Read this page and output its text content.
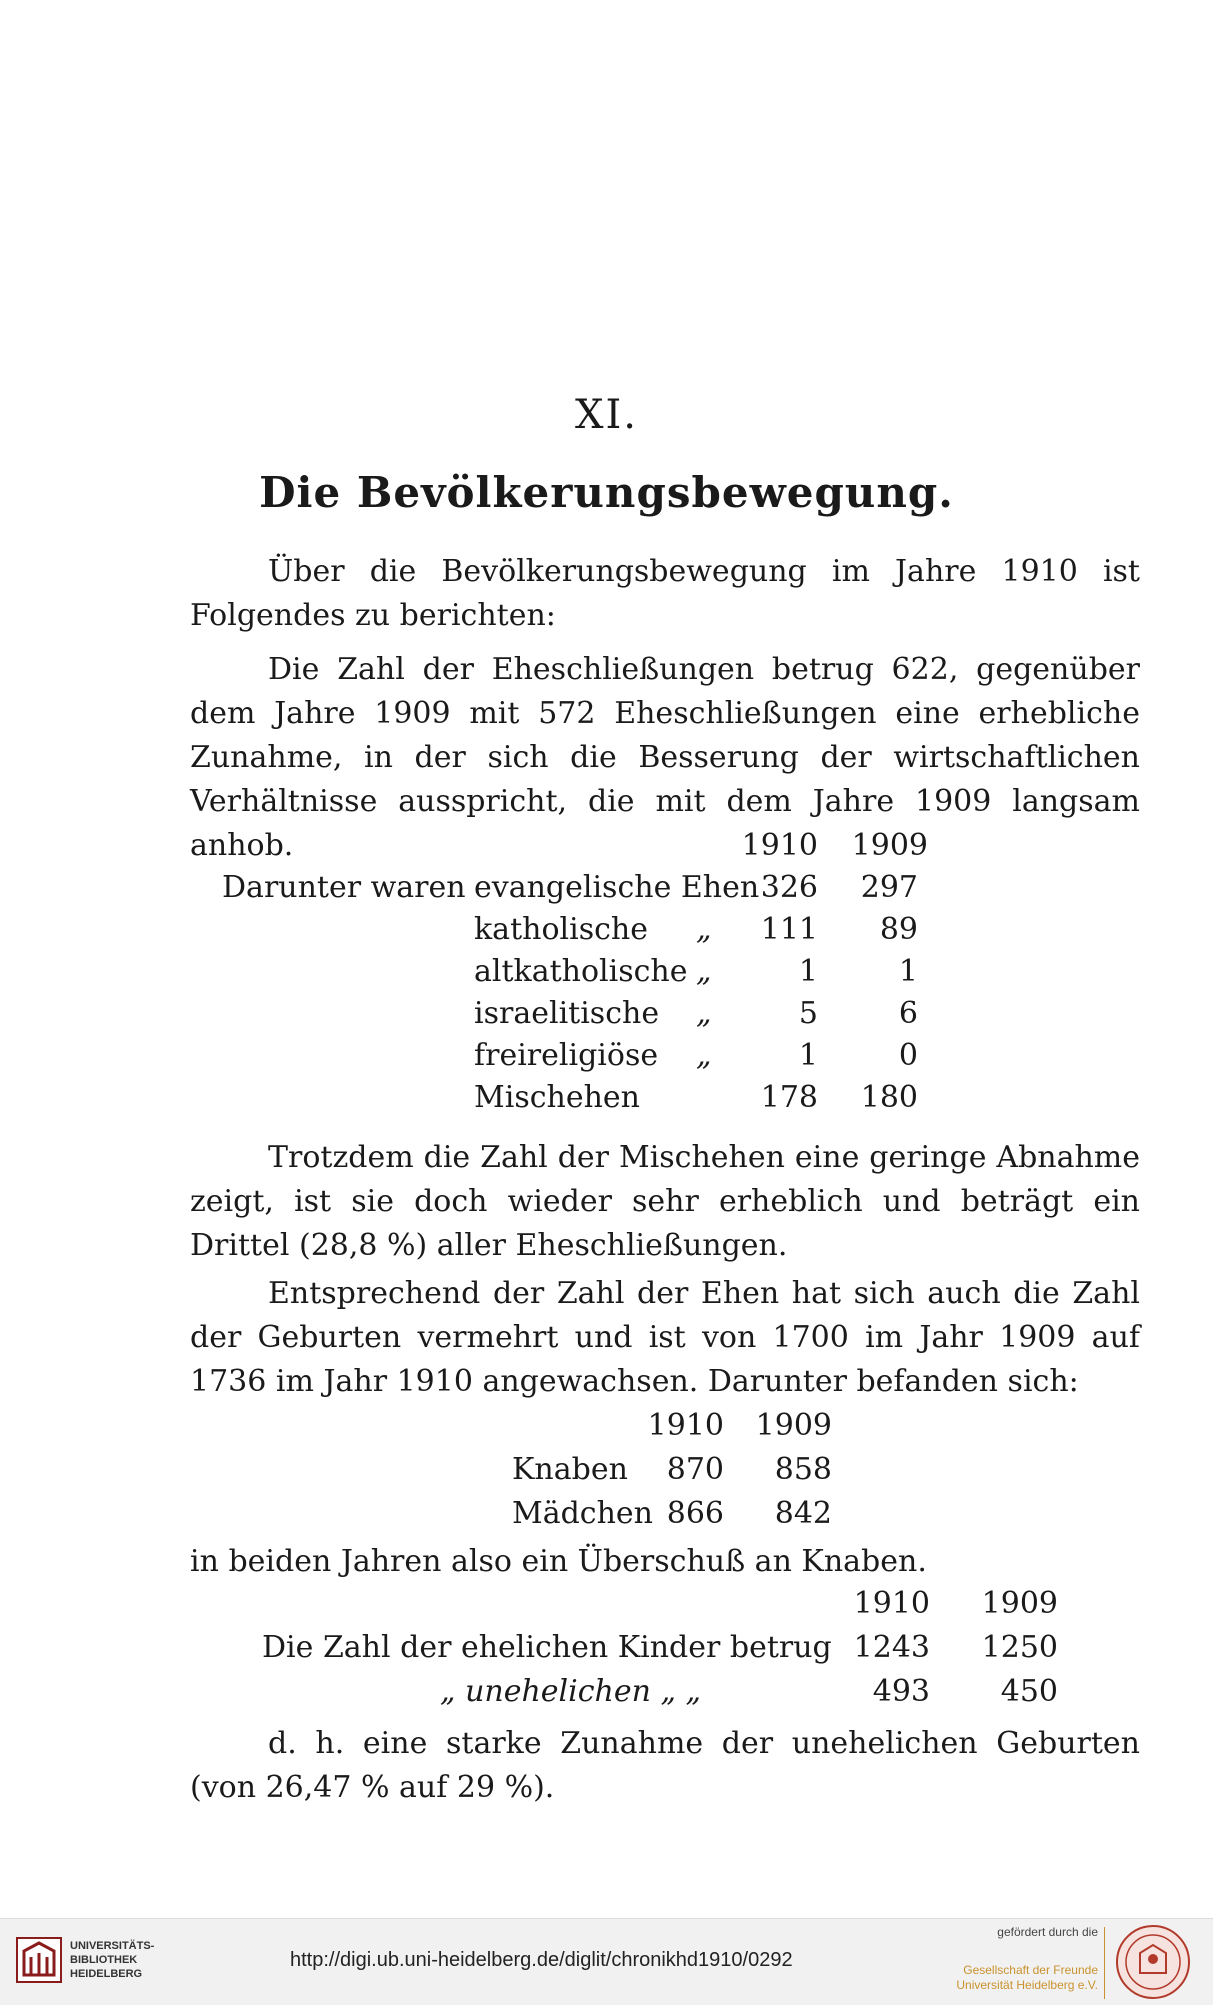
XI.
Die Bevölkerungsbewegung.
Über die Bevölkerungsbewegung im Jahre 1910 ist Folgendes zu berichten:
Die Zahl der Eheschließungen betrug 622, gegenüber dem Jahre 1909 mit 572 Eheschließungen eine erhebliche Zunahme, in der sich die Besserung der wirtschaftlichen Verhältnisse ausspricht, die mit dem Jahre 1909 langsam anhob.	1910	1909
Darunter waren evangelische Ehen 326	297
katholische „	111	89
altkatholische „	1	1
israelitische „	5	6
freireligiöse „	1	0
Mischehen	178	180
Trotzdem die Zahl der Mischehen eine geringe Abnahme zeigt, ist sie doch wieder sehr erheblich und beträgt ein Drittel (28,8 %) aller Eheschließungen.
Entsprechend der Zahl der Ehen hat sich auch die Zahl der Geburten vermehrt und ist von 1700 im Jahr 1909 auf 1736 im Jahr 1910 angewachsen. Darunter befanden sich:
1910	1909
Knaben	870	858
Mädchen 866	842
in beiden Jahren also ein Überschuß an Knaben.
1910	1909
Die Zahl der ehelichen Kinder betrug 1243	1250
„ unehelichen „ „	493	450
d. h. eine starke Zunahme der unehelichen Geburten (von 26,47 % auf 29 %).
UNIVERSITÄTS-
BIBLIOTHEK
HEIDELBERG
http://digi.ub.uni-heidelberg.de/diglit/chronikhd1910/0292
gefördert durch die
Gesellschaft der Freunde
Universität Heidelberg e.V.
